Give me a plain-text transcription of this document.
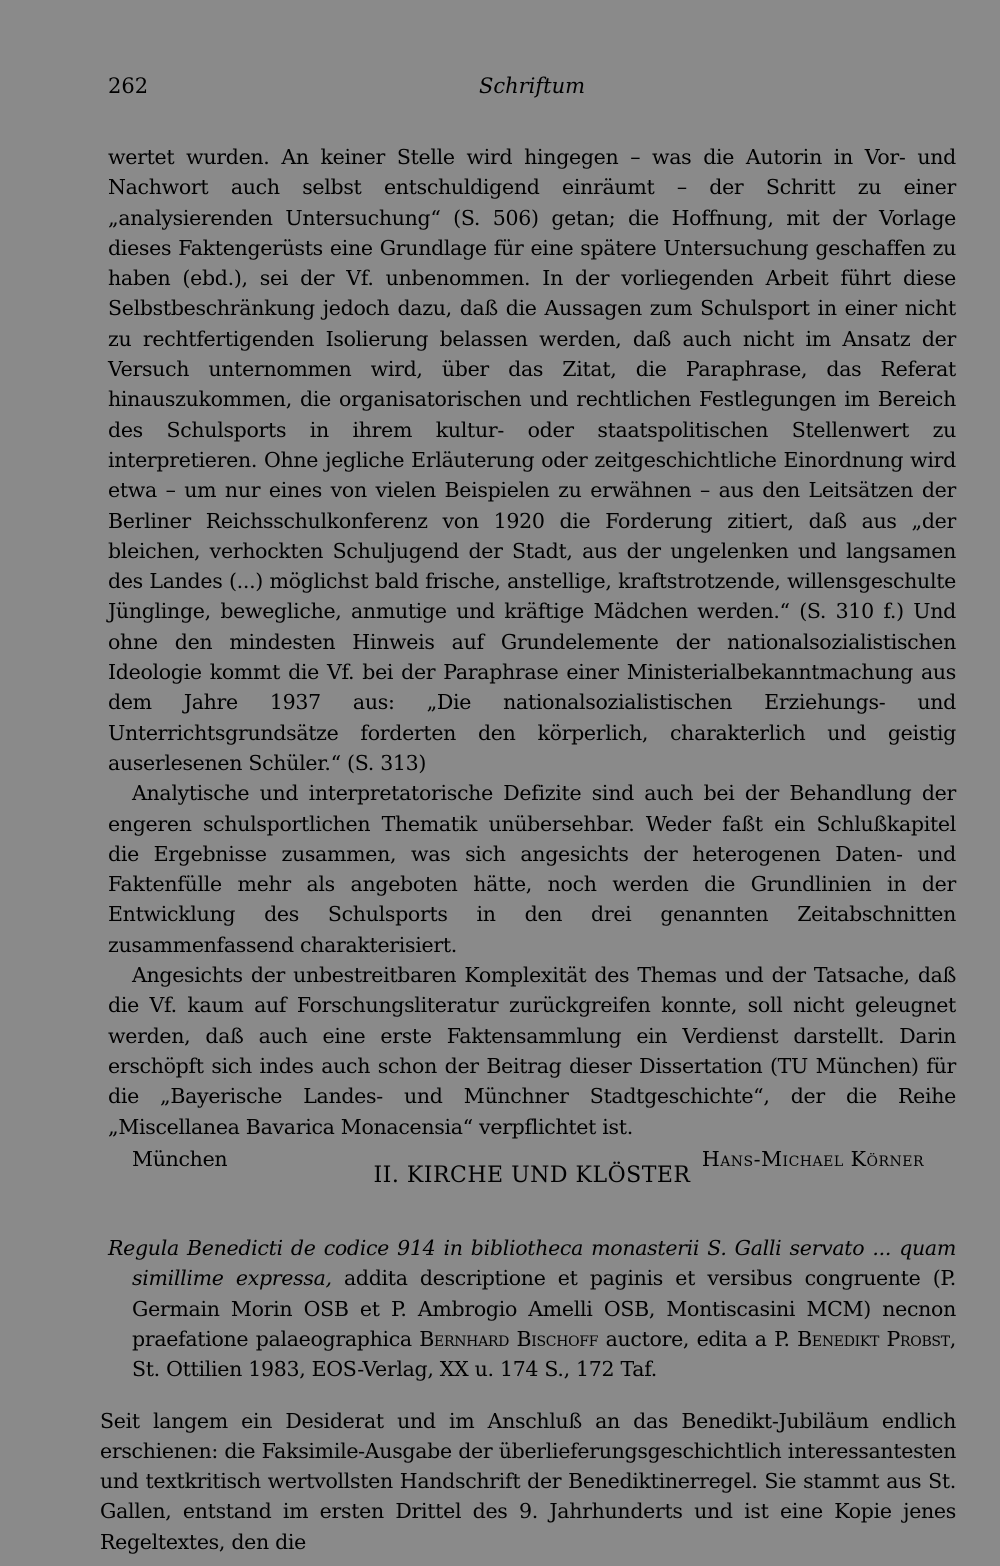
262	Schriftum

wertet wurden. An keiner Stelle wird hingegen – was die Autorin in Vor- und Nachwort auch selbst entschuldigend einräumt – der Schritt zu einer „analysierenden Untersuchung“ (S. 506) getan; die Hoffnung, mit der Vorlage dieses Faktengerüsts eine Grundlage für eine spätere Untersuchung geschaffen zu haben (ebd.), sei der Vf. unbenommen. In der vorliegenden Arbeit führt diese Selbstbeschränkung jedoch dazu, daß die Aussagen zum Schulsport in einer nicht zu rechtfertigenden Isolierung belassen werden, daß auch nicht im Ansatz der Versuch unternommen wird, über das Zitat, die Paraphrase, das Referat hinauszukommen, die organisatorischen und rechtlichen Festlegungen im Bereich des Schulsports in ihrem kultur- oder staatspolitischen Stellenwert zu interpretieren. Ohne jegliche Erläuterung oder zeitgeschichtliche Einordnung wird etwa – um nur eines von vielen Beispielen zu erwähnen – aus den Leitsätzen der Berliner Reichsschulkonferenz von 1920 die Forderung zitiert, daß aus „der bleichen, verhockten Schuljugend der Stadt, aus der ungelenken und langsamen des Landes (...) möglichst bald frische, anstellige, kraftstrotzende, willensgeschulte Jünglinge, bewegliche, anmutige und kräftige Mädchen werden.“ (S. 310 f.) Und ohne den mindesten Hinweis auf Grundelemente der nationalsozialistischen Ideologie kommt die Vf. bei der Paraphrase einer Ministerialbekanntmachung aus dem Jahre 1937 aus: „Die nationalsozialistischen Erziehungs- und Unterrichtsgrundsätze forderten den körperlich, charakterlich und geistig auserlesenen Schüler.“ (S. 313)

Analytische und interpretatorische Defizite sind auch bei der Behandlung der engeren schulsportlichen Thematik unübersehbar. Weder faßt ein Schlußkapitel die Ergebnisse zusammen, was sich angesichts der heterogenen Daten- und Faktenfülle mehr als angeboten hätte, noch werden die Grundlinien in der Entwicklung des Schulsports in den drei genannten Zeitabschnitten zusammenfassend charakterisiert.

Angesichts der unbestreitbaren Komplexität des Themas und der Tatsache, daß die Vf. kaum auf Forschungsliteratur zurückgreifen konnte, soll nicht geleugnet werden, daß auch eine erste Faktensammlung ein Verdienst darstellt. Darin erschöpft sich indes auch schon der Beitrag dieser Dissertation (TU München) für die „Bayerische Landes- und Münchner Stadtgeschichte“, der die Reihe „Miscellanea Bavarica Monacensia“ verpflichtet ist.

München	Hans-Michael Körner
II. KIRCHE UND KLÖSTER
Regula Benedicti de codice 914 in bibliotheca monasterii S. Galli servato ... quam simillime expressa, addita descriptione et paginis et versibus congruente (P. Germain Morin OSB et P. Ambrogio Amelli OSB, Montiscasini MCM) necnon praefatione palaeographica Bernhard Bischoff auctore, edita a P. Benedikt Probst, St. Ottilien 1983, EOS-Verlag, XX u. 174 S., 172 Taf.

Seit langem ein Desiderat und im Anschluß an das Benedikt-Jubiläum endlich erschienen: die Faksimile-Ausgabe der überlieferungsgeschichtlich interessantesten und textkritisch wertvollsten Handschrift der Benediktinerregel. Sie stammt aus St. Gallen, entstand im ersten Drittel des 9. Jahrhunderts und ist eine Kopie jenes Regeltextes, den die
